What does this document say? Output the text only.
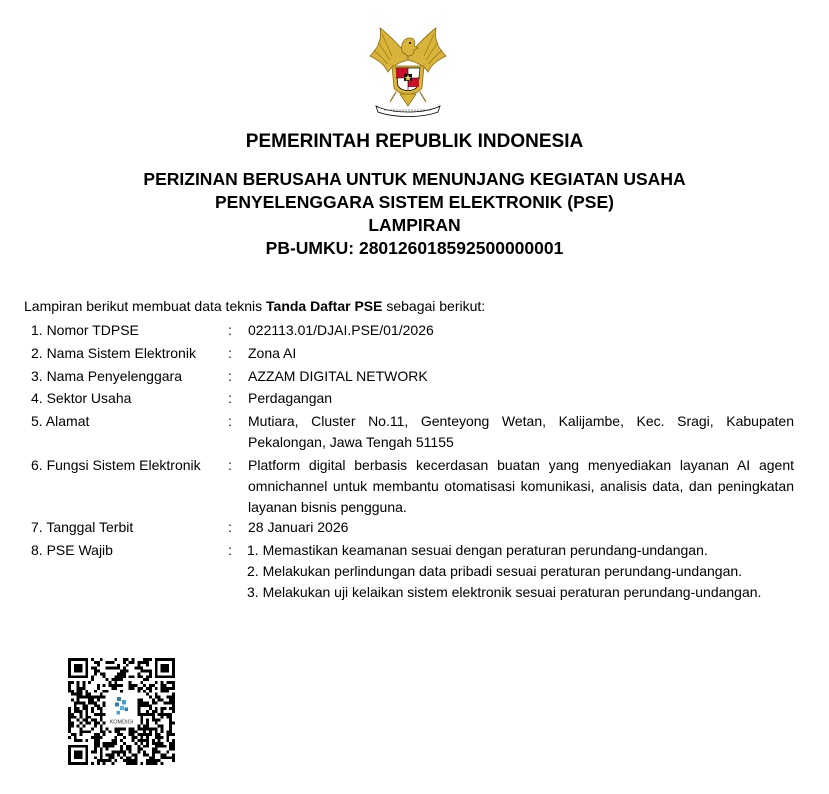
PEMERINTAH REPUBLIK INDONESIA
PERIZINAN BERUSAHA UNTUK MENUNJANG KEGIATAN USAHA
PENYELENGGARA SISTEM ELEKTRONIK (PSE)
LAMPIRAN
PB-UMKU: 280126018592500000001
Lampiran berikut membuat data teknis Tanda Daftar PSE sebagai berikut:
1. Nomor TDPSE	: 022113.01/DJAI.PSE/01/2026
2. Nama Sistem Elektronik : Zona AI
3. Nama Penyelenggara	: AZZAM DIGITAL NETWORK
4. Sektor Usaha	: Perdagangan
5. Alamat	: Mutiara, Cluster No.11, Genteyong Wetan, Kalijambe, Kec. Sragi, Kabupaten Pekalongan, Jawa Tengah 51155
6. Fungsi Sistem Elektronik : Platform digital berbasis kecerdasan buatan yang menyediakan layanan AI agent omnichannel untuk membantu otomatisasi komunikasi, analisis data, dan peningkatan layanan bisnis pengguna.
7. Tanggal Terbit	: 28 Januari 2026
8. PSE Wajib	: 1. Memastikan keamanan sesuai dengan peraturan perundang-undangan.
2. Melakukan perlindungan data pribadi sesuai peraturan perundang-undangan.
3. Melakukan uji kelaikan sistem elektronik sesuai peraturan perundang-undangan.
KOMDIGI
